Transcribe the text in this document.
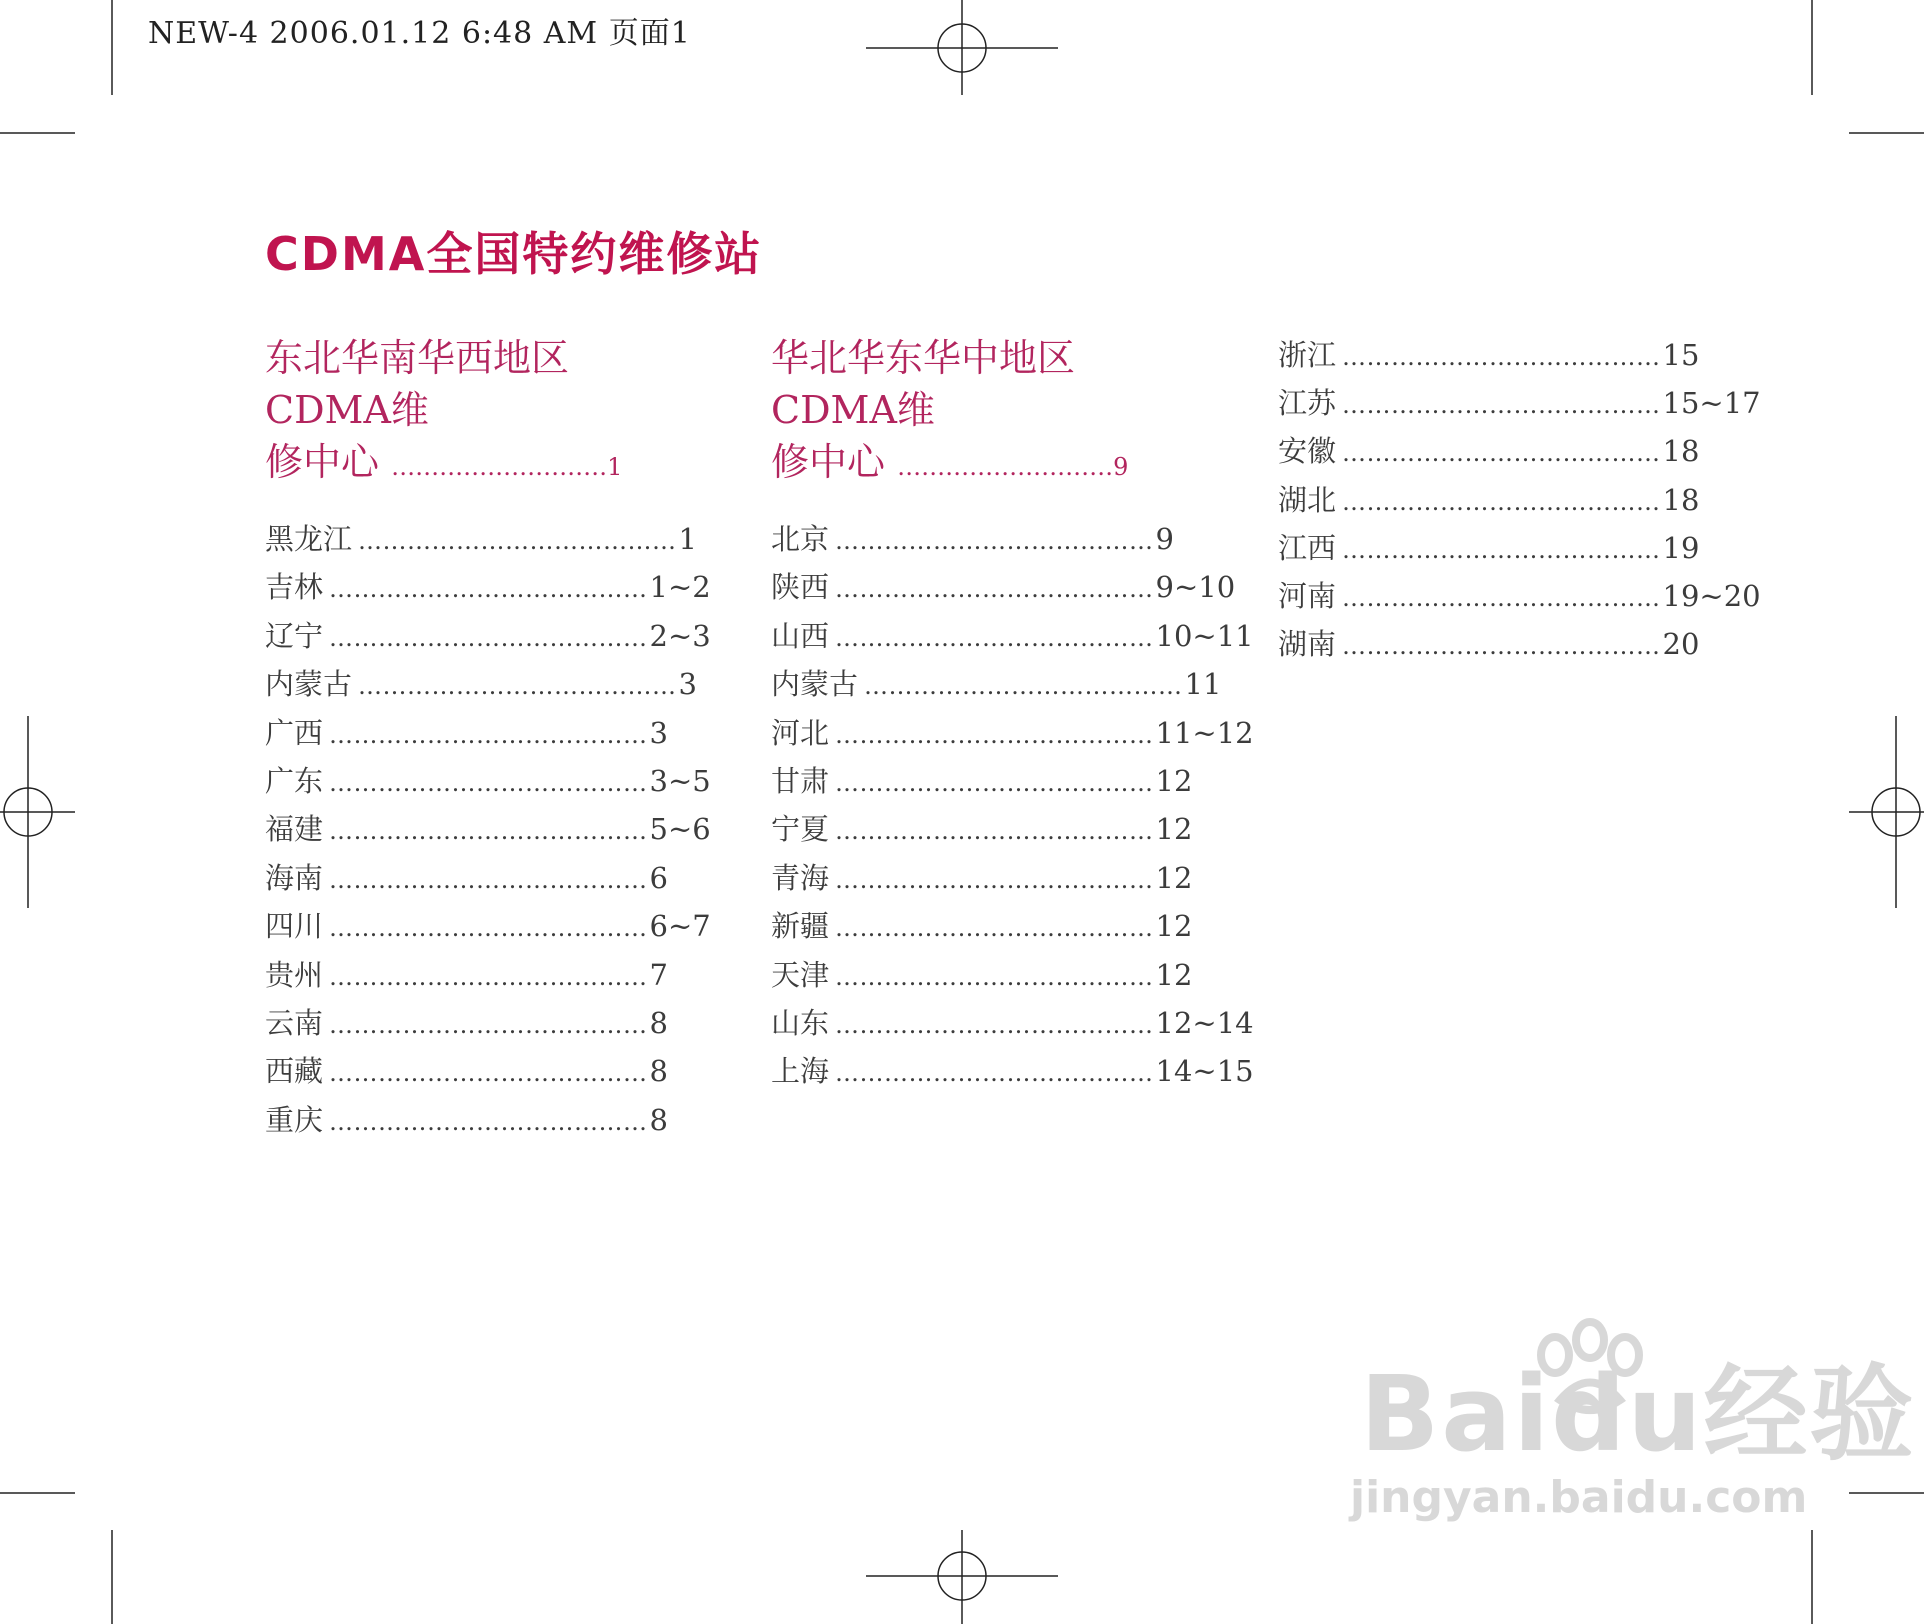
NEW-4 2006.01.12 6:48 AM 页面1
CDMA全国特约维修站
东北华南华西地区CDMA维
修中心 ………………………1
黑龙江 ………………………………… 1
吉林 ………………………………… 1~2
辽宁 ………………………………… 2~3
内蒙古 ………………………………… 3
广西 ………………………………… 3
广东 ………………………………… 3~5
福建 ………………………………… 5~6
海南 ………………………………… 6
四川 ………………………………… 6~7
贵州 ………………………………… 7
云南 ………………………………… 8
西藏 ………………………………… 8
重庆 ………………………………… 8
华北华东华中地区CDMA维
修中心 ………………………9
北京 ………………………………… 9
陕西 ………………………………… 9~10
山西 ………………………………… 10~11
内蒙古 ………………………………… 11
河北 ………………………………… 11~12
甘肃 ………………………………… 12
宁夏 ………………………………… 12
青海 ………………………………… 12
新疆 ………………………………… 12
天津 ………………………………… 12
山东 ………………………………… 12~14
上海 ………………………………… 14~15
浙江 ………………………………… 15
江苏 ………………………………… 15~17
安徽 ………………………………… 18
湖北 ………………………………… 18
江西 ………………………………… 19
河南 ………………………………… 19~20
湖南 ………………………………… 20
Baidu经验
jingyan.baidu.com
